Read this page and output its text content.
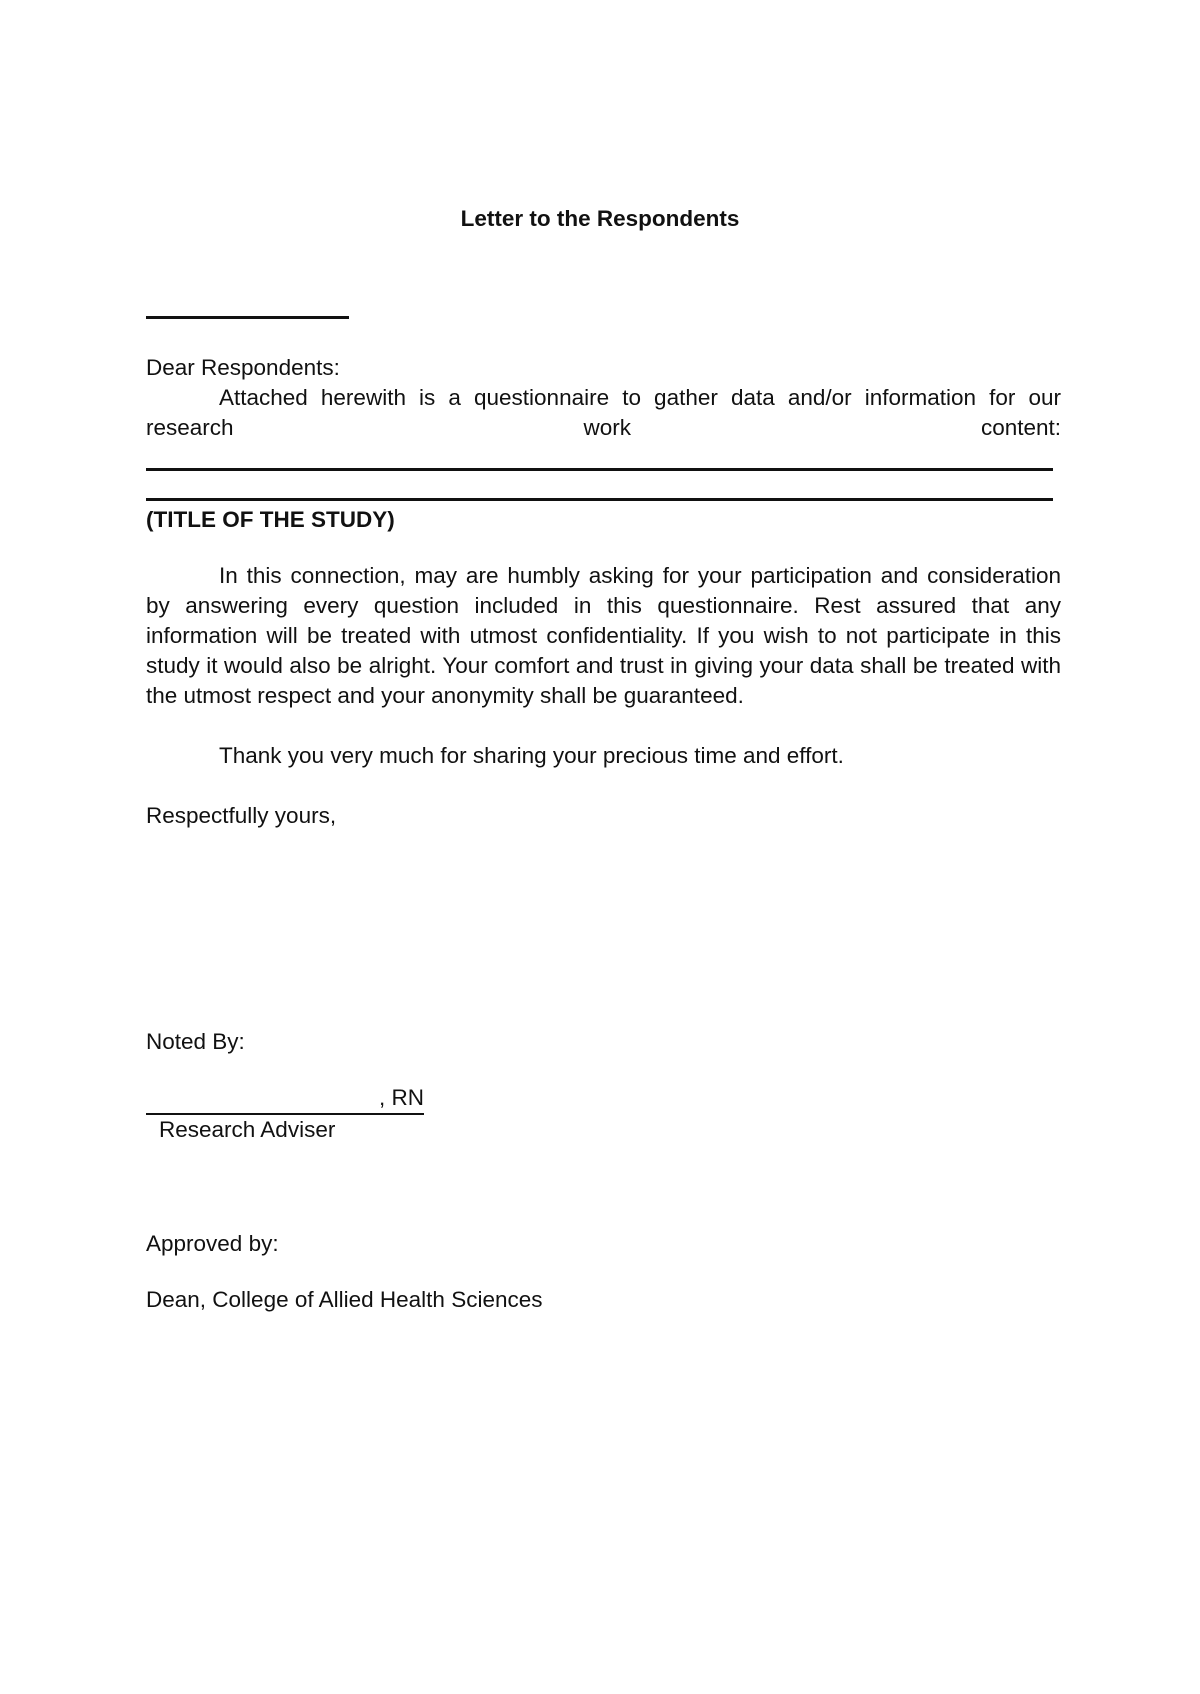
Letter to the Respondents
Dear Respondents:
Attached herewith is a questionnaire to gather data and/or information for our
research	work	content:
(TITLE OF THE STUDY)

In this connection, may are humbly asking for your participation and consideration by answering every question included in this questionnaire. Rest assured that any information will be treated with utmost confidentiality. If you wish to not participate in this study it would also be alright. Your comfort and trust in giving your data shall be treated with the utmost respect and your anonymity shall be guaranteed.

Thank you very much for sharing your precious time and effort.
Respectfully yours,
Noted By:
, RN
Research Adviser
Approved by:
Dean, College of Allied Health Sciences
